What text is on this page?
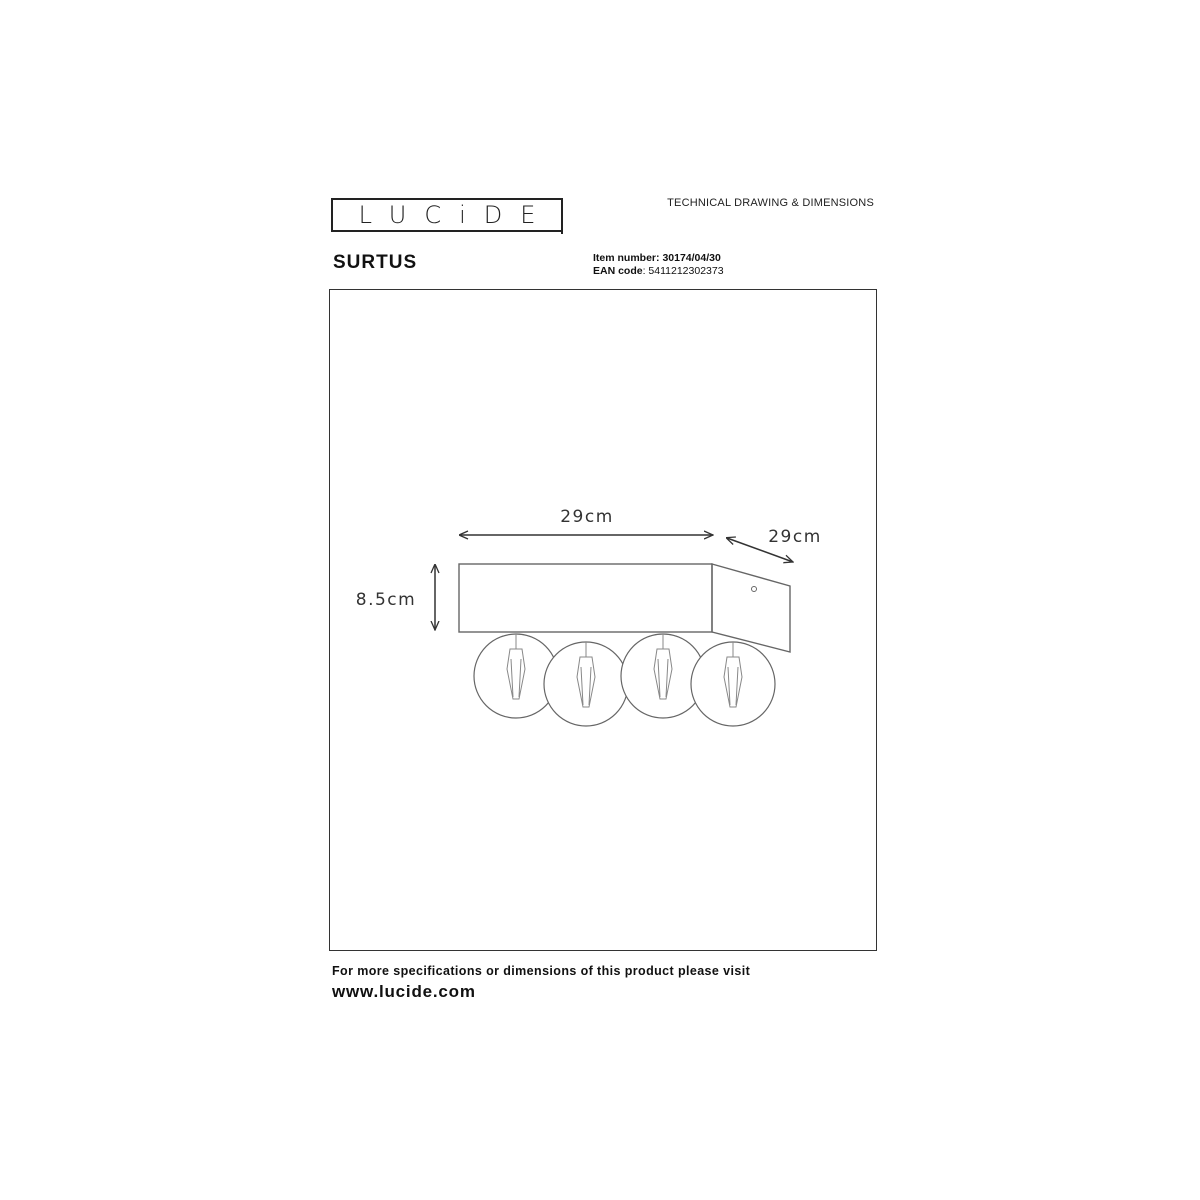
LUCiDE	TECHNICAL DRAWING & DIMENSIONS
SURTUS	Item number: 30174/04/30
EAN code: 5411212302373
29cm
29cm
8.5cm
For more specifications or dimensions of this product please visit
www.lucide.com
